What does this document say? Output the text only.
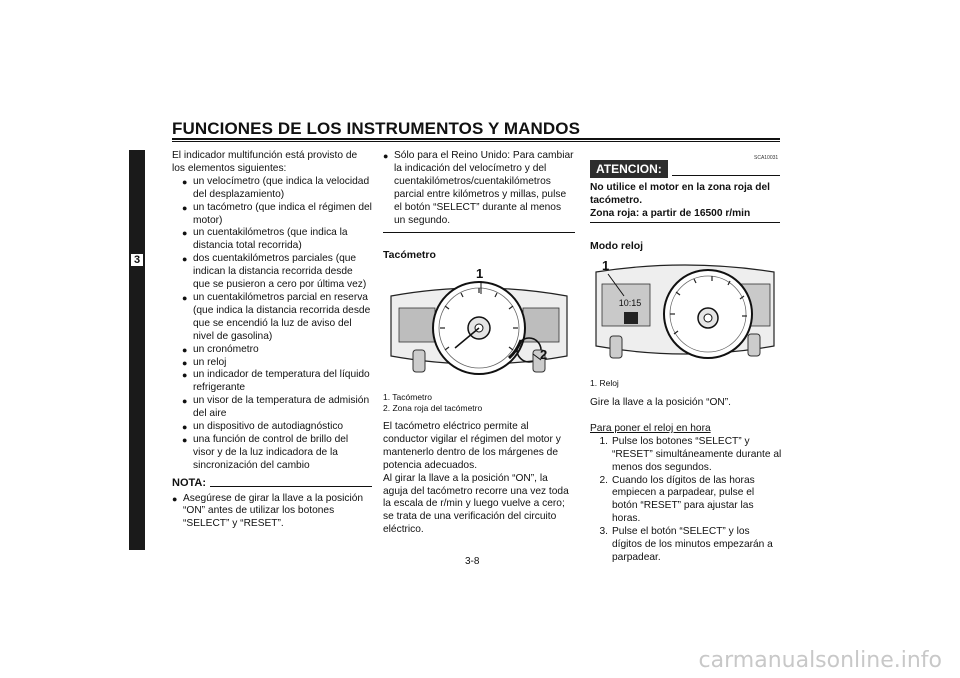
FUNCIONES DE LOS INSTRUMENTOS Y MANDOS
3

El indicador multifunción está provisto de los elementos siguientes:

● un velocímetro (que indica la velocidad del desplazamiento)
● un tacómetro (que indica el régimen del motor)
● un cuentakilómetros (que indica la distancia total recorrida)
● dos cuentakilómetros parciales (que indican la distancia recorrida desde que se pusieron a cero por última vez)
● un cuentakilómetros parcial en reserva (que indica la distancia recorrida desde que se encendió la luz de aviso del nivel de gasolina)
● un cronómetro
● un reloj
● un indicador de temperatura del líquido refrigerante
● un visor de la temperatura de admisión del aire
● un dispositivo de autodiagnóstico
● una función de control de brillo del visor y de la luz indicadora de la sincronización del cambio
NOTA:
● Asegúrese de girar la llave a la posición “ON” antes de utilizar los botones “SELECT” y “RESET”.
● Sólo para el Reino Unido: Para cambiar la indicación del velocímetro y del cuentakilómetros/cuentakilómetros parcial entre kilómetros y millas, pulse el botón “SELECT” durante al menos un segundo.
Tacómetro
1
2
1. Tacómetro
2. Zona roja del tacómetro

El tacómetro eléctrico permite al conductor vigilar el régimen del motor y mantenerlo dentro de los márgenes de potencia adecuados.

Al girar la llave a la posición “ON”, la aguja del tacómetro recorre una vez toda la escala de r/min y luego vuelve a cero; se trata de una verificación del circuito eléctrico.

SCA10031
ATENCION:

No utilice el motor en la zona roja del tacómetro.

Zona roja: a partir de 16500 r/min

Modo reloj
10:15
1
1. Reloj

Gire la llave a la posición “ON”.

Para poner el reloj en hora

1. Pulse los botones “SELECT” y “RESET” simultáneamente durante al menos dos segundos.
2. Cuando los dígitos de las horas empiecen a parpadear, pulse el botón “RESET” para ajustar las horas.
3. Pulse el botón “SELECT” y los dígitos de los minutos empezarán a parpadear.
3-8
carmanualsonline.info
